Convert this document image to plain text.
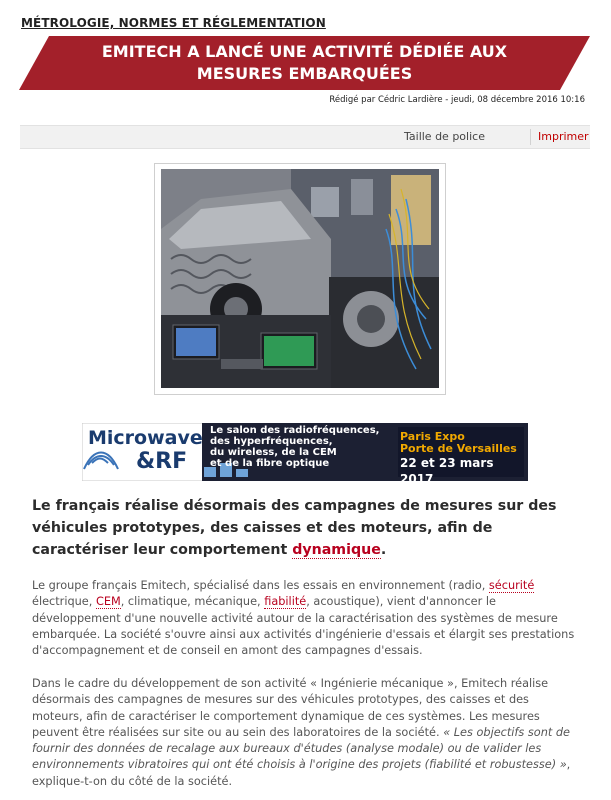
MÉTROLOGIE, NORMES ET RÉGLEMENTATION
EMITECH A LANCÉ UNE ACTIVITÉ DÉDIÉE AUX
MESURES EMBARQUÉES
Rédigé par Cédric Lardière - jeudi, 08 décembre 2016 10:16
Taille de police	Imprimer
Microwave
&RF
Le salon des radiofréquences,
des hyperfréquences,
du wireless, de la CEM
et de la fibre optique
Paris Expo
Porte de Versailles
22 et 23 mars 2017
Le français réalise désormais des campagnes de mesures sur des véhicules prototypes, des caisses et des moteurs, afin de caractériser leur comportement dynamique.
Le groupe français Emitech, spécialisé dans les essais en environnement (radio, sécurité électrique, CEM, climatique, mécanique, fiabilité, acoustique), vient d'annoncer le développement d'une nouvelle activité autour de la caractérisation des systèmes de mesure embarquée. La société s'ouvre ainsi aux activités d'ingénierie d'essais et élargit ses prestations d'accompagnement et de conseil en amont des campagnes d'essais.
Dans le cadre du développement de son activité « Ingénierie mécanique », Emitech réalise désormais des campagnes de mesures sur des véhicules prototypes, des caisses et des moteurs, afin de caractériser le comportement dynamique de ces systèmes. Les mesures peuvent être réalisées sur site ou au sein des laboratoires de la société. « Les objectifs sont de fournir des données de recalage aux bureaux d'études (analyse modale) ou de valider les environnements vibratoires qui ont été choisis à l'origine des projets (fiabilité et robustesse) », explique-t-on du côté de la société.
